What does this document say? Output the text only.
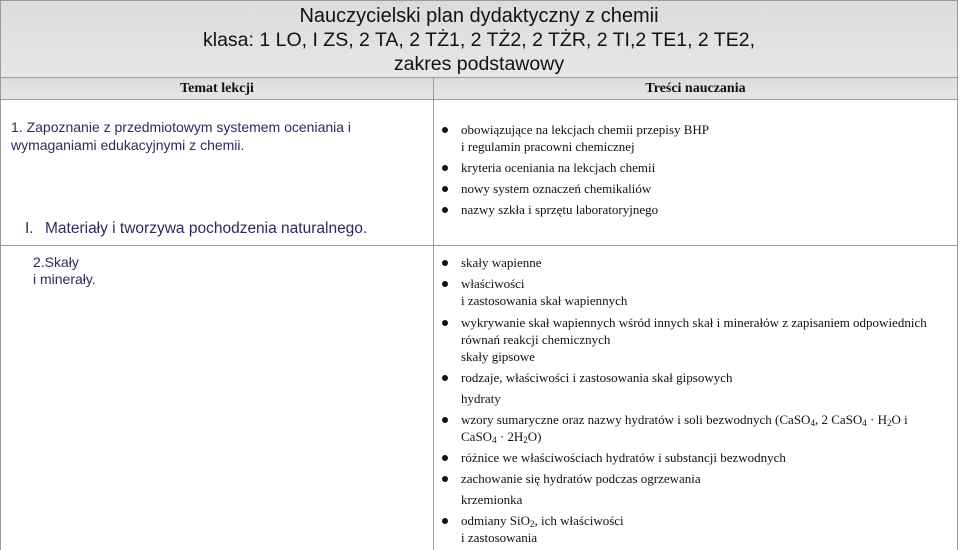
Nauczycielski plan dydaktyczny z chemii
klasa: 1 LO, I ZS, 2 TA, 2 TŻ1, 2 TŻ2, 2 TŻR, 2 TI,2 TE1, 2 TE2,
zakres podstawowy
Temat lekcji	Treści nauczania
1. Zapoznanie z przedmiotowym systemem oceniania i wymaganiami edukacyjnymi z chemii.
I. Materiały i tworzywa pochodzenia naturalnego.
obowiązujące na lekcjach chemii przepisy BHP
i regulamin pracowni chemicznej
kryteria oceniania na lekcjach chemii
nowy system oznaczeń chemikaliów
nazwy szkła i sprzętu laboratoryjnego
2.Skały
i minerały.
skały wapienne
właściwości
i zastosowania skał wapiennych
wykrywanie skał wapiennych wśród innych skał i minerałów z zapisaniem odpowiednich
równań reakcji chemicznych
skały gipsowe
rodzaje, właściwości i zastosowania skał gipsowych
hydraty
wzory sumaryczne oraz nazwy hydratów i soli bezwodnych (CaSO$_4$, 2 CaSO$_4$ · $H_2O$ i
CaSO$_4$ · $2H_2O$)
różnice we właściwościach hydratów i substancji bezwodnych
zachowanie się hydratów podczas ogrzewania
krzemionka
odmiany SiO$_2$, ich właściwości
i zastosowania
